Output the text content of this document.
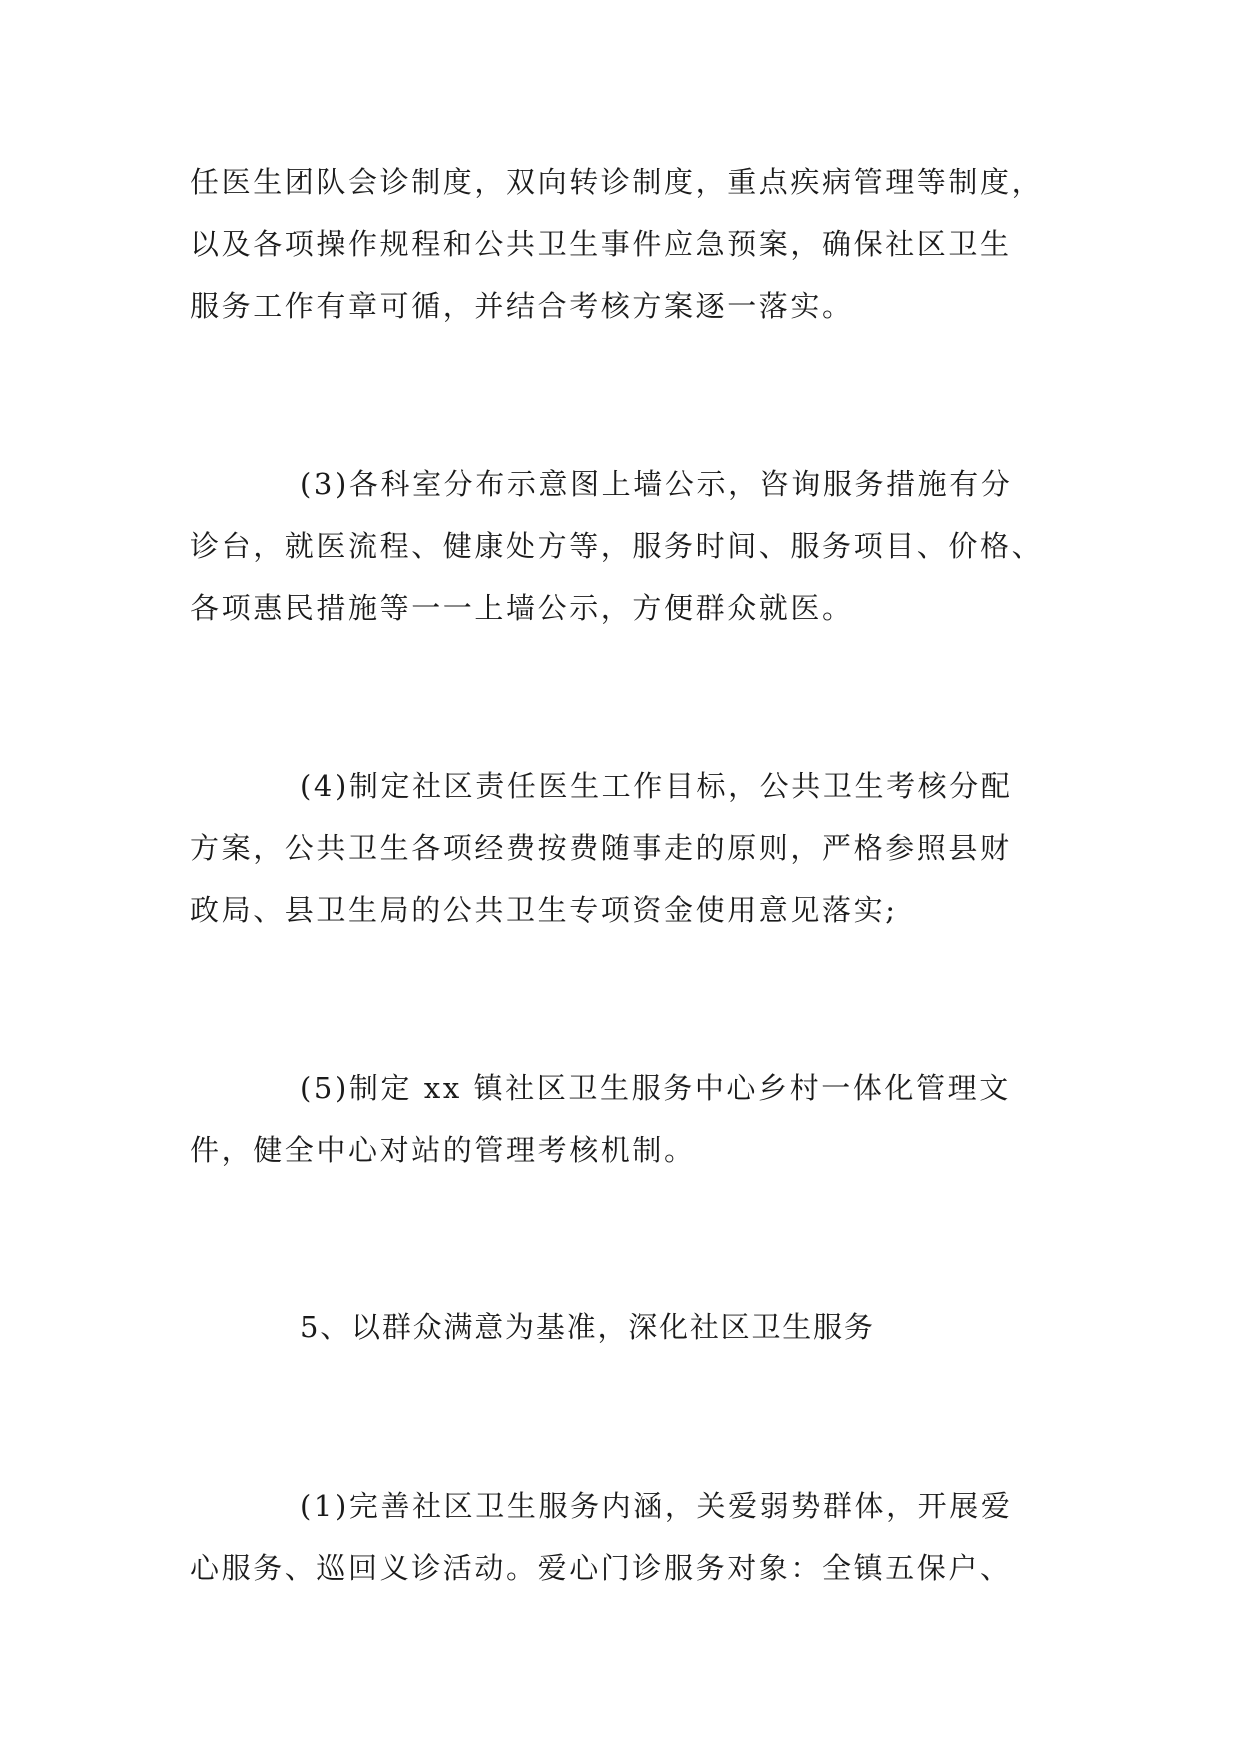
任医生团队会诊制度，双向转诊制度，重点疾病管理等制度，

以及各项操作规程和公共卫生事件应急预案，确保社区卫生

服务工作有章可循，并结合考核方案逐一落实。

(3)各科室分布示意图上墙公示，咨询服务措施有分

诊台，就医流程、健康处方等，服务时间、服务项目、价格、

各项惠民措施等一一上墙公示，方便群众就医。

(4)制定社区责任医生工作目标，公共卫生考核分配

方案，公共卫生各项经费按费随事走的原则，严格参照县财

政局、县卫生局的公共卫生专项资金使用意见落实;

(5)制定 xx 镇社区卫生服务中心乡村一体化管理文

件，健全中心对站的管理考核机制。

5、以群众满意为基准，深化社区卫生服务

(1)完善社区卫生服务内涵，关爱弱势群体，开展爱

心服务、巡回义诊活动。爱心门诊服务对象：全镇五保户、
